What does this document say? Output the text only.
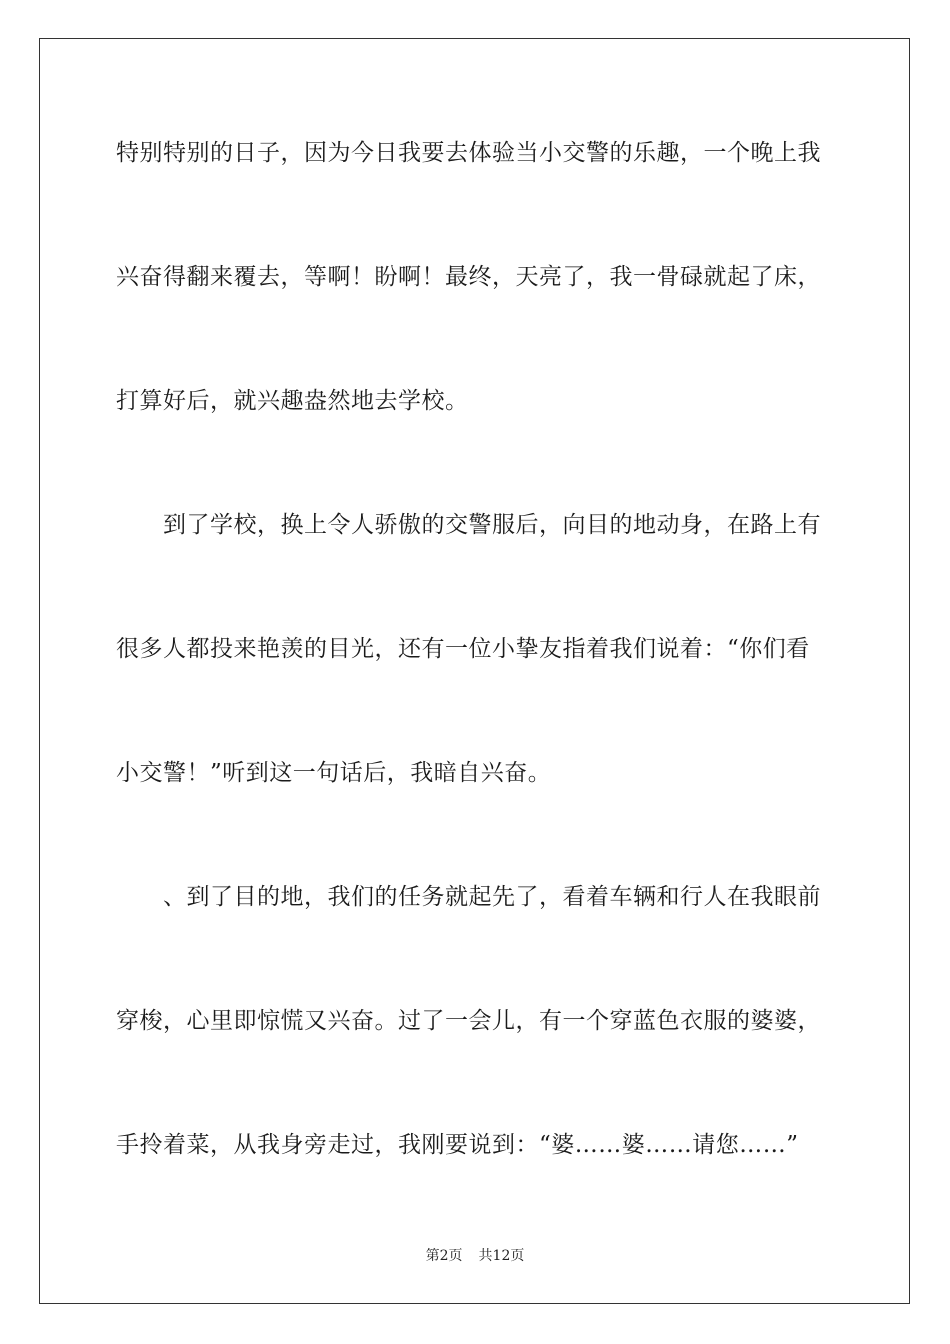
特别特别的日子，因为今日我要去体验当小交警的乐趣，一个晚上我
兴奋得翻来覆去，等啊！盼啊！最终，天亮了，我一骨碌就起了床，
打算好后，就兴趣盎然地去学校。
　　到了学校，换上令人骄傲的交警服后，向目的地动身，在路上有
很多人都投来艳羡的目光，还有一位小挚友指着我们说着：“你们看
小交警！”听到这一句话后，我暗自兴奋。
　　、到了目的地，我们的任务就起先了，看着车辆和行人在我眼前
穿梭，心里即惊慌又兴奋。过了一会儿，有一个穿蓝色衣服的婆婆，
手拎着菜，从我身旁走过，我刚要说到：“婆……婆……请您……”
第2页 共12页
